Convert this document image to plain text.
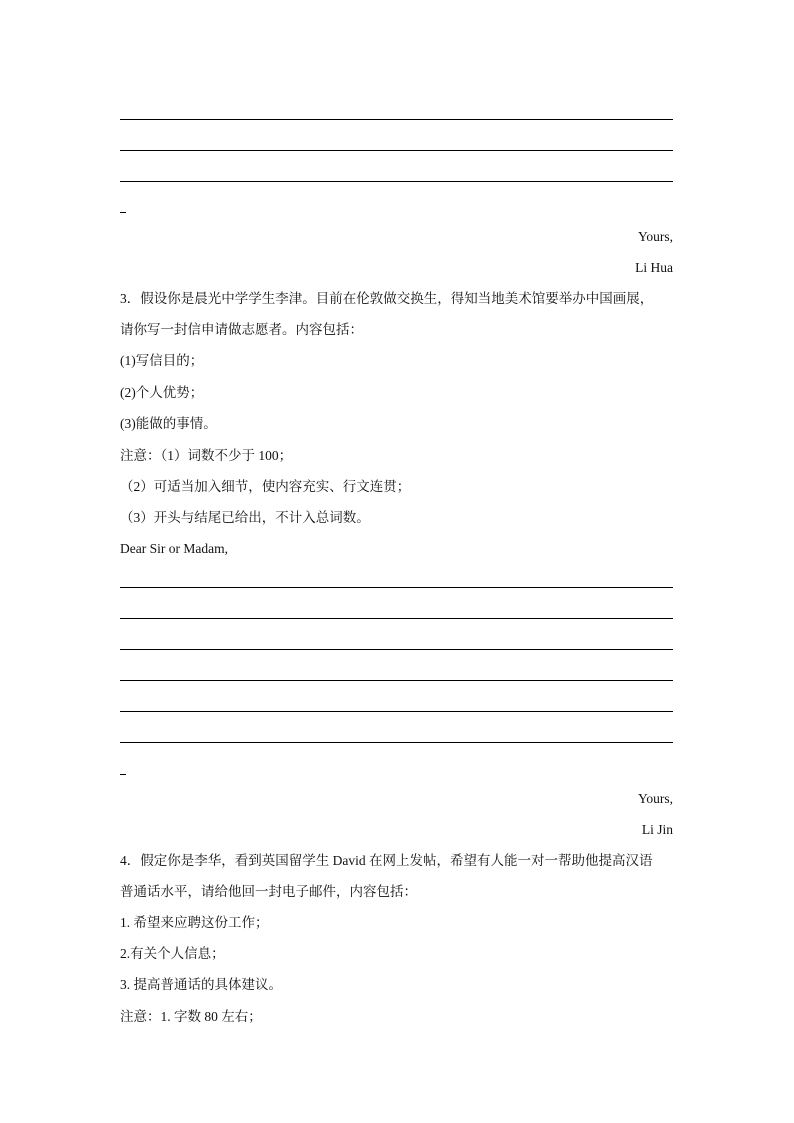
Yours,
Li Hua
3．假设你是晨光中学学生李津。目前在伦敦做交换生，得知当地美术馆要举办中国画展，
请你写一封信申请做志愿者。内容包括：
(1)写信目的；
(2)个人优势；
(3)能做的事情。
注意：（1）词数不少于 100；
（2）可适当加入细节，使内容充实、行文连贯；
（3）开头与结尾已给出，不计入总词数。
Dear Sir or Madam,
Yours,
Li Jin
4．假定你是李华，看到英国留学生 David 在网上发帖，希望有人能一对一帮助他提高汉语
普通话水平，请给他回一封电子邮件，内容包括：
1. 希望来应聘这份工作；
2.有关个人信息；
3. 提高普通话的具体建议。
注意：1. 字数 80 左右；
